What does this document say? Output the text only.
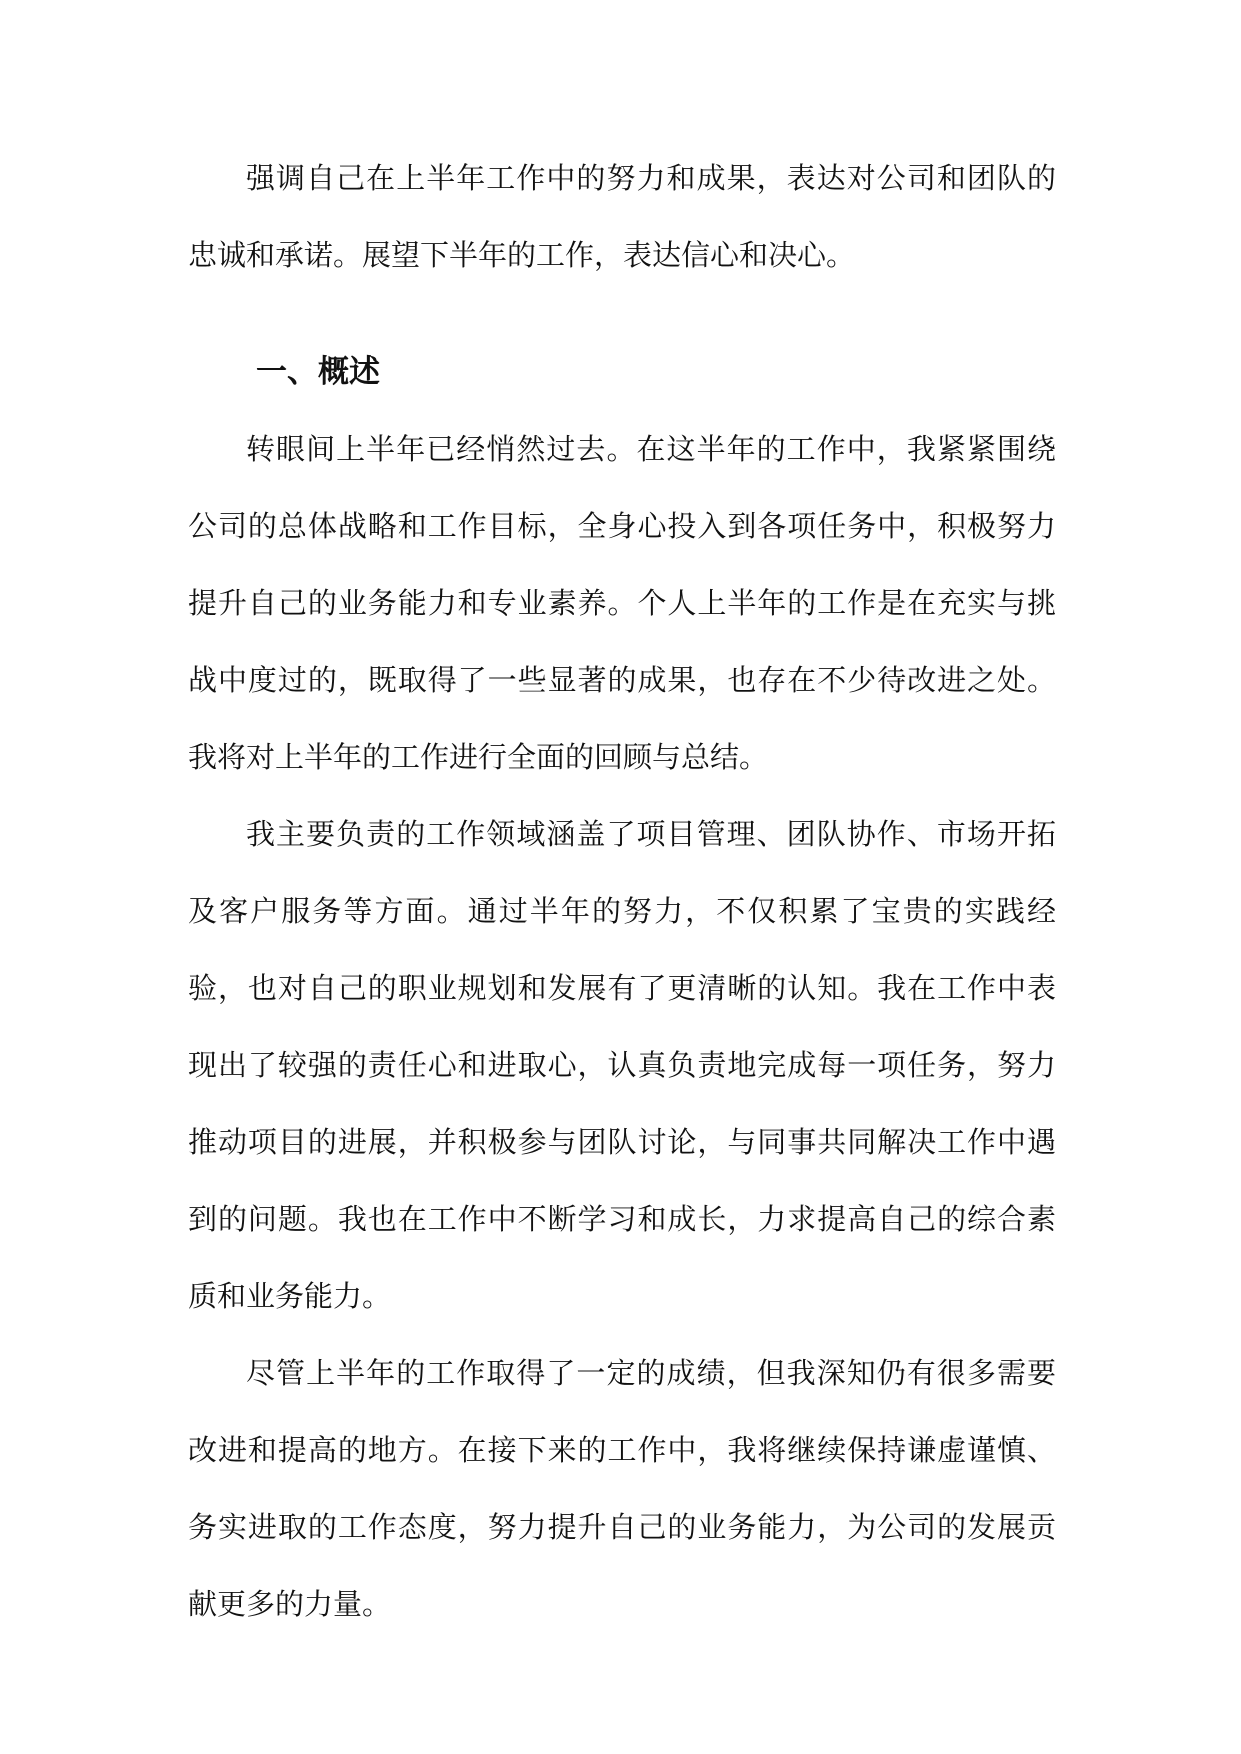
强调自己在上半年工作中的努力和成果，表达对公司和团队的忠诚和承诺。展望下半年的工作，表达信心和决心。

一、概述

转眼间上半年已经悄然过去。在这半年的工作中，我紧紧围绕公司的总体战略和工作目标，全身心投入到各项任务中，积极努力提升自己的业务能力和专业素养。个人上半年的工作是在充实与挑战中度过的，既取得了一些显著的成果，也存在不少待改进之处。我将对上半年的工作进行全面的回顾与总结。

我主要负责的工作领域涵盖了项目管理、团队协作、市场开拓及客户服务等方面。通过半年的努力，不仅积累了宝贵的实践经验，也对自己的职业规划和发展有了更清晰的认知。我在工作中表现出了较强的责任心和进取心，认真负责地完成每一项任务，努力推动项目的进展，并积极参与团队讨论，与同事共同解决工作中遇到的问题。我也在工作中不断学习和成长，力求提高自己的综合素质和业务能力。

尽管上半年的工作取得了一定的成绩，但我深知仍有很多需要改进和提高的地方。在接下来的工作中，我将继续保持谦虚谨慎、务实进取的工作态度，努力提升自己的业务能力，为公司的发展贡献更多的力量。
